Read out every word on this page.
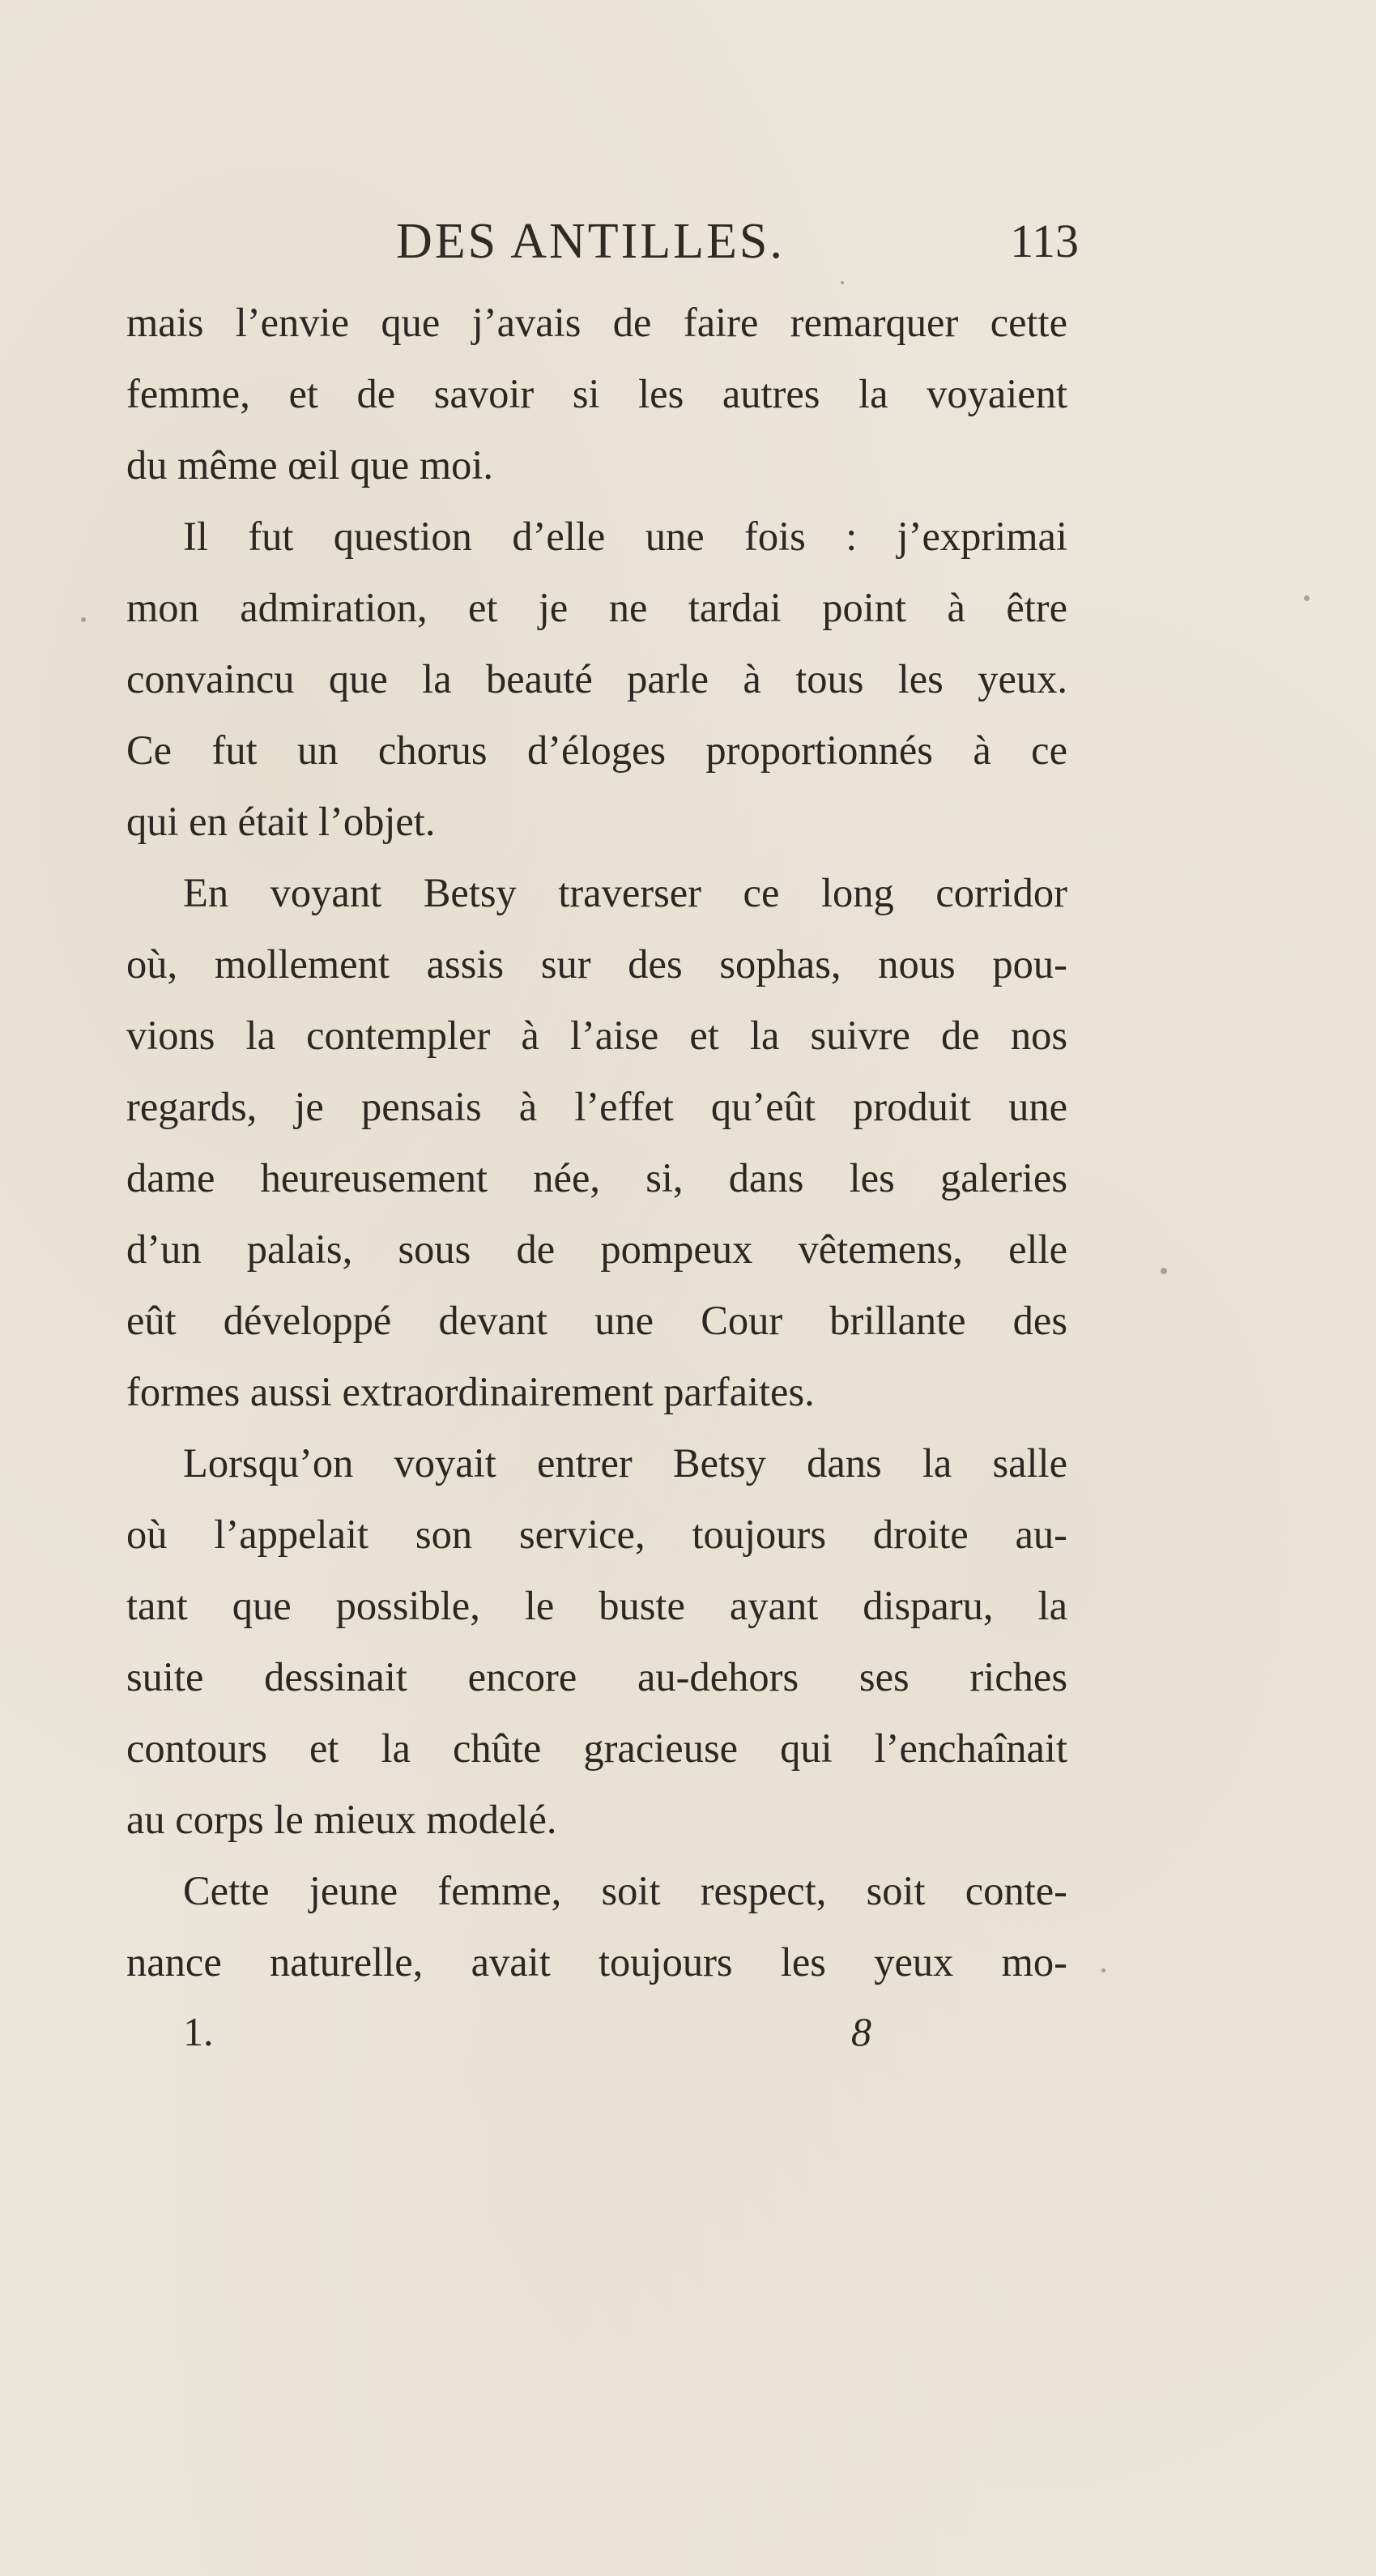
DES ANTILLES.	113
mais l’envie que j’avais de faire remarquer cette
femme, et de savoir si les autres la voyaient
du même œil que moi.
Il fut question d’elle une fois : j’exprimai
mon admiration, et je ne tardai point à être
convaincu que la beauté parle à tous les yeux.
Ce fut un chorus d’éloges proportionnés à ce
qui en était l’objet.
En voyant Betsy traverser ce long corridor
où, mollement assis sur des sophas, nous pou-
vions la contempler à l’aise et la suivre de nos
regards, je pensais à l’effet qu’eût produit une
dame heureusement née, si, dans les galeries
d’un palais, sous de pompeux vêtemens, elle
eût développé devant une Cour brillante des
formes aussi extraordinairement parfaites.
Lorsqu’on voyait entrer Betsy dans la salle
où l’appelait son service, toujours droite au-
tant que possible, le buste ayant disparu, la
suite dessinait encore au-dehors ses riches
contours et la chûte gracieuse qui l’enchaînait
au corps le mieux modelé.
Cette jeune femme, soit respect, soit conte-
nance naturelle, avait toujours les yeux mo-
1.	8
